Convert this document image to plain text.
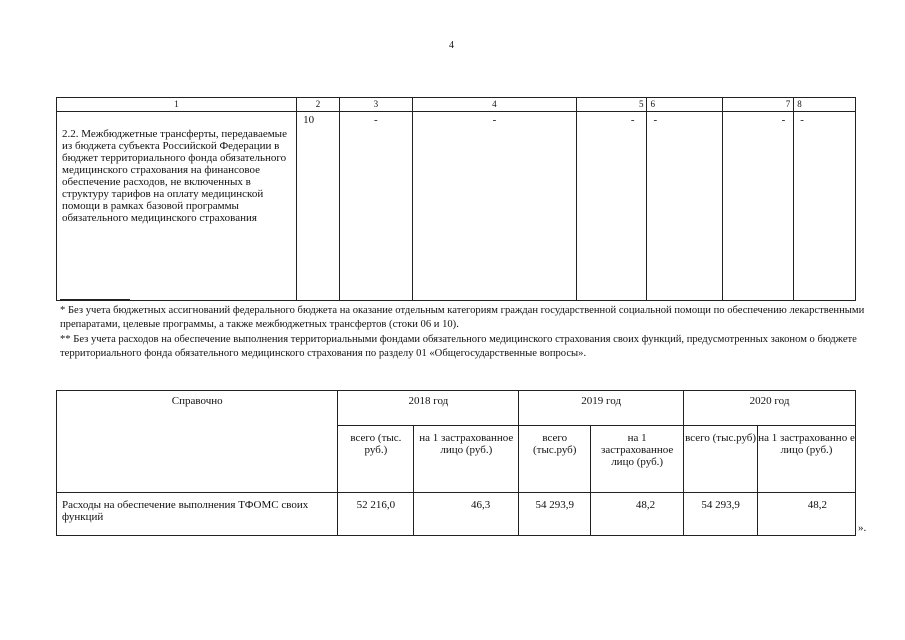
4
1	2	3	4	5	6	7	8
2.2. Межбюджетные трансферты, передаваемые из бюджета субъекта Российской Федерации в бюджет территориального фонда обязательного медицинского страхования на финансовое обеспечение расходов, не включенных в структуру тарифов на оплату медицинской помощи в рамках базовой программы обязательного медицинского страхования	10	-	-	-	-	-	-

* Без учета бюджетных ассигнований федерального бюджета на оказание отдельным категориям граждан государственной социальной помощи по обеспечению лекарственными препаратами, целевые программы, а также межбюджетных трансфертов (стоки 06 и 10).

** Без учета расходов на обеспечение выполнения территориальными фондами обязательного медицинского страхования своих функций, предусмотренных законом о бюджете территориального фонда обязательного медицинского страхования по разделу 01 «Общегосударственные вопросы».

Справочно	2018 год		2019 год		2020 год	
	всего (тыс. руб.)	на 1 застрахованное лицо (руб.)	всего (тыс.руб)	на 1 застрахованное лицо (руб.)	всего (тыс.руб)	на 1 застрахованно е лицо (руб.)
Расходы на обеспечение выполнения ТФОМС своих функций	52 216,0	46,3	54 293,9	48,2	54 293,9	48,2
».
